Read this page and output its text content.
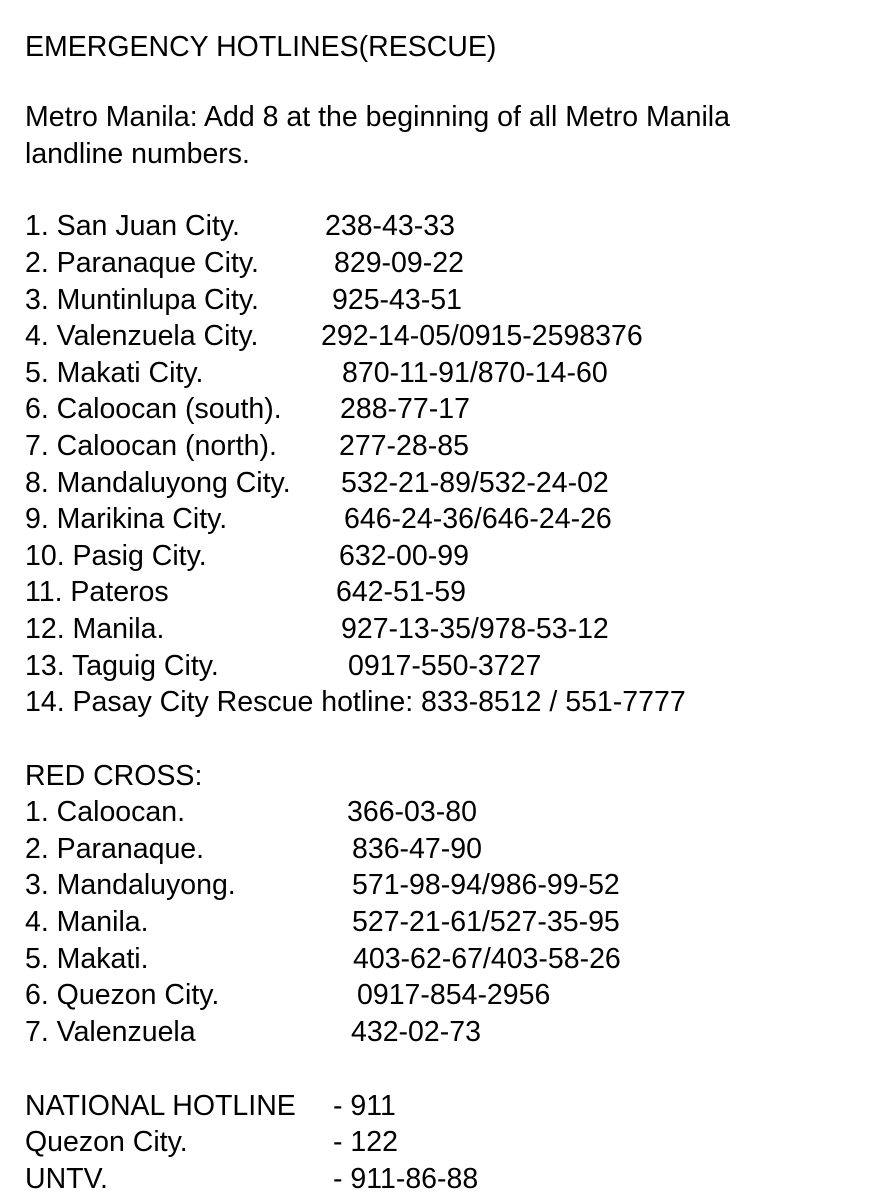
EMERGENCY HOTLINES(RESCUE)
Metro Manila: Add 8 at the beginning of all Metro Manila
landline numbers.
1. San Juan City.	238-43-33
2. Paranaque City.	829-09-22
3. Muntinlupa City.	925-43-51
4. Valenzuela City. 292-14-05/0915-2598376
5. Makati City.	870-11-91/870-14-60
6. Caloocan (south). 288-77-17
7. Caloocan (north). 277-28-85
8. Mandaluyong City. 532-21-89/532-24-02
9. Marikina City.	646-24-36/646-24-26
10. Pasig City.	632-00-99
11. Pateros	642-51-59
12. Manila.	927-13-35/978-53-12
13. Taguig City.	0917-550-3727
14. Pasay City Rescue hotline: 833-8512 / 551-7777
RED CROSS:
1. Caloocan.	366-03-80
2. Paranaque.	836-47-90
3. Mandaluyong.	571-98-94/986-99-52
4. Manila.	527-21-61/527-35-95
5. Makati.	403-62-67/403-58-26
6. Quezon City.	0917-854-2956
7. Valenzuela	432-02-73
NATIONAL HOTLINE - 911
Quezon City.	- 122
UNTV.	- 911-86-88
